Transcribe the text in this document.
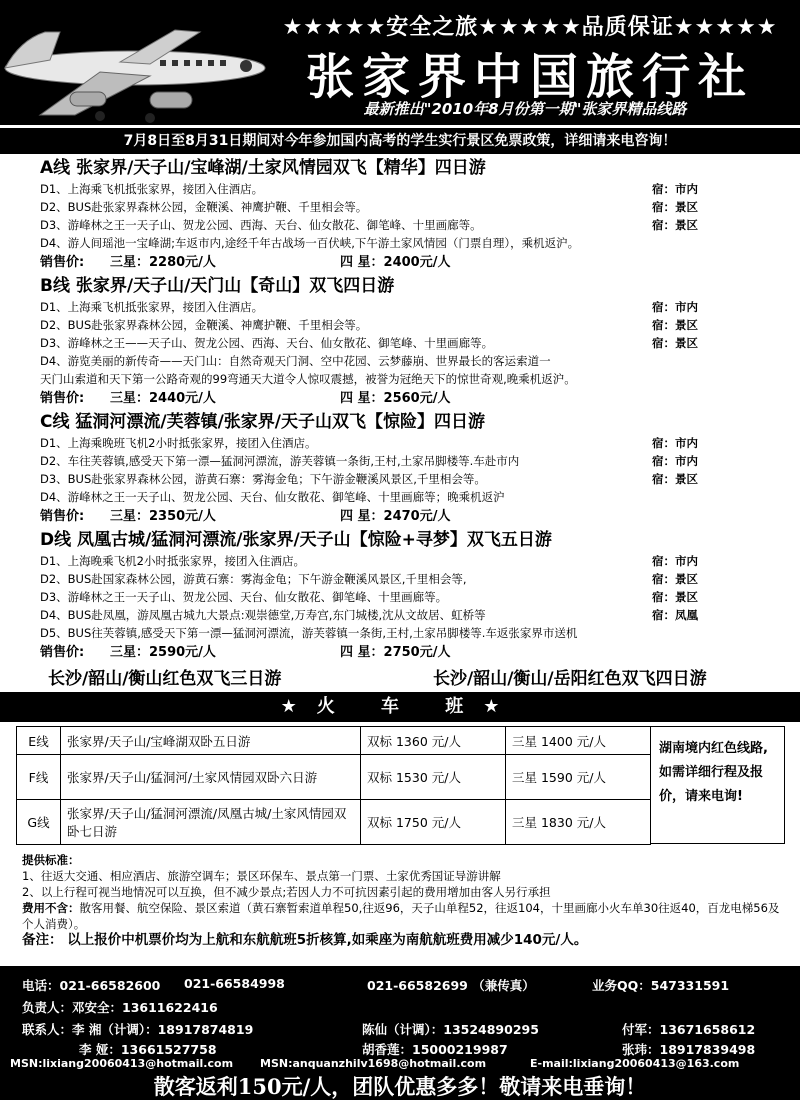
★★★★★安全之旅★★★★★品质保证★★★★★
张家界中国旅行社
最新推出"2010年8月份第一期"张家界精品线路
7月8日至8月31日期间对今年参加国内高考的学生实行景区免票政策，详细请来电咨询！
A线 张家界/天子山/宝峰湖/土家风情园双飞【精华】四日游
D1、上海乘飞机抵张家界，接团入住酒店。	宿：市内
D2、BUS赴张家界森林公园，金鞭溪、神鹰护鞭、千里相会等。	宿：景区
D3、游峰林之王一天子山、贺龙公园、西海、天台、仙女散花、御笔峰、十里画廊等。	宿：景区
D4、游人间瑶池一宝峰湖;车返市内,途经千年古战场一百伏峡,下午游土家风情园（门票自理），乘机返沪。
销售价: 三星：2280元/人	四 星：2400元/人
B线 张家界/天子山/天门山【奇山】双飞四日游
D1、上海乘飞机抵张家界，接团入住酒店。	宿：市内
D2、BUS赴张家界森林公园，金鞭溪、神鹰护鞭、千里相会等。	宿：景区
D3、游峰林之王——天子山、贺龙公园、西海、天台、仙女散花、御笔峰、十里画廊等。	宿：景区
D4、游览美丽的新传奇——天门山：自然奇观天门洞、空中花园、云梦藤崩、世界最长的客运索道一
天门山索道和天下第一公路奇观的99弯通天大道令人惊叹震撼，被誉为冠绝天下的惊世奇观,晚乘机返沪。
销售价: 三星：2440元/人	四 星：2560元/人
C线 猛洞河漂流/芙蓉镇/张家界/天子山双飞【惊险】四日游
D1、上海乘晚班飞机2小时抵张家界，接团入住酒店。	宿：市内
D2、车往芙蓉镇,感受天下第一漂—猛洞河漂流，游芙蓉镇一条街,王村,土家吊脚楼等.车赴市内	宿：市内
D3、BUS赴张家界森林公园，游黄石寨：雾海金龟；下午游金鞭溪风景区,千里相会等。	宿：景区
D4、游峰林之王一天子山、贺龙公园、天台、仙女散花、御笔峰、十里画廊等；晚乘机返沪
销售价: 三星：2350元/人	四 星：2470元/人
D线 凤凰古城/猛洞河漂流/张家界/天子山【惊险+寻梦】双飞五日游
D1、上海晚乘飞机2小时抵张家界，接团入住酒店。	宿：市内
D2、BUS赴国家森林公园，游黄石寨：雾海金龟；下午游金鞭溪风景区,千里相会等,	宿：景区
D3、游峰林之王一天子山、贺龙公园、天台、仙女散花、御笔峰、十里画廊等。	宿：景区
D4、BUS赴凤凰，游凤凰古城九大景点:观崇德堂,万寿宫,东门城楼,沈从文故居、虹桥等	宿：凤凰
D5、BUS往芙蓉镇,感受天下第一漂—猛洞河漂流，游芙蓉镇一条街,王村,土家吊脚楼等.车返张家界市送机
销售价: 三星：2590元/人	四 星：2750元/人
长沙/韶山/衡山红色双飞三日游	长沙/韶山/衡山/岳阳红色双飞四日游
★火 车 班★
E线	张家界/天子山/宝峰湖双卧五日游	双标 1360 元/人	三星 1400 元/人
F线	张家界/天子山/猛洞河/土家风情园双卧六日游	双标 1530 元/人	三星 1590 元/人
G线	张家界/天子山/猛洞河漂流/凤凰古城/土家风情园双卧七日游	双标 1750 元/人	三星 1830 元/人
湖南境内红色线路,如需详细行程及报价，请来电询!
提供标准：
1、往返大交通、相应酒店、旅游空调车；景区环保车、景点第一门票、土家优秀国证导游讲解
2、以上行程可视当地情况可以互换，但不减少景点;若因人力不可抗因素引起的费用增加由客人另行承担
费用不含：散客用餐、航空保险、景区索道（黄石寨暂索道单程50,往返96，天子山单程52，往返104，十里画廊小火车单30往返40，百龙电梯56及个人消费）。
备注： 以上报价中机票价均为上航和东航航班5折核算,如乘座为南航航班费用减少140元/人。
电话：021-66582600 021-66584998	021-66582699 （兼传真）	业务QQ：547331591
负责人：邓安全：13611622416
联系人：李 湘（计调）：18917874819	陈仙（计调）：13524890295	付军：13671658612
李 娅：13661527758	胡香莲：15000219987	张玮：18917839498
MSN:lixiang20060413@hotmail.com MSN:anquanzhilv1698@hotmail.com	E-mail:lixiang20060413@163.com
散客返利150元/人，团队优惠多多！敬请来电垂询！
